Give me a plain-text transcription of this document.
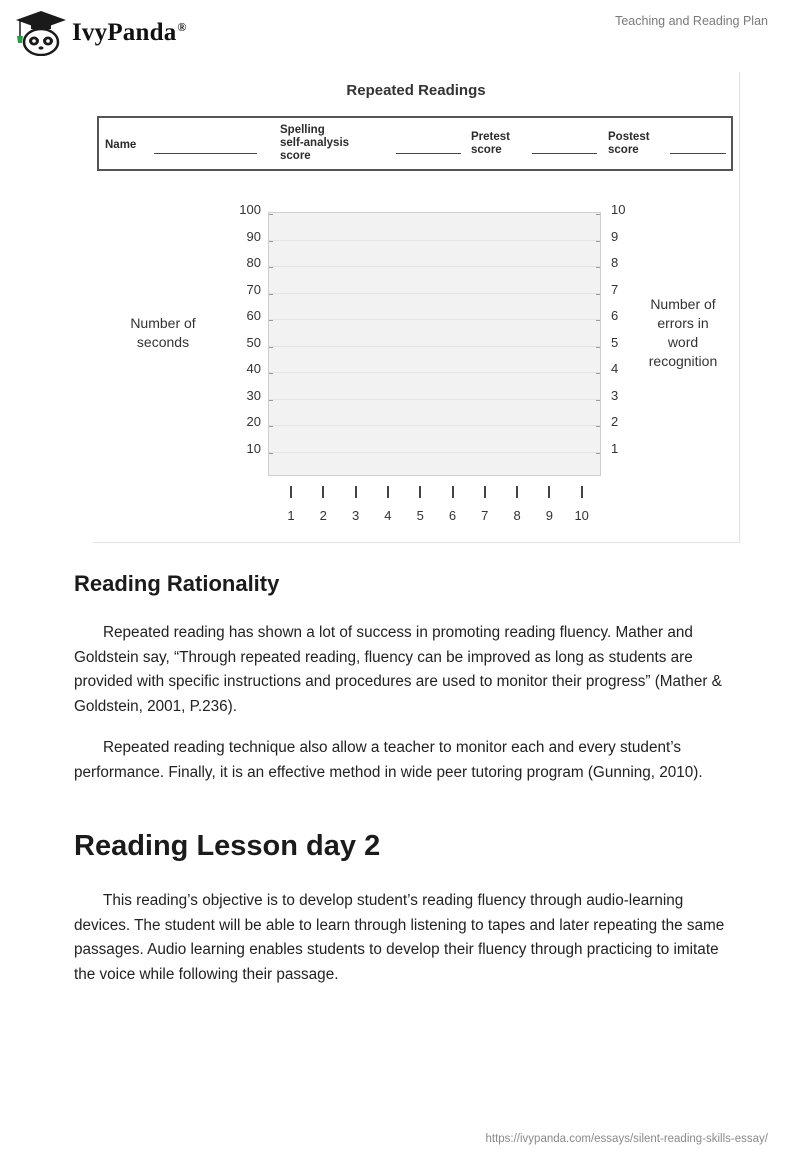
IvyPanda®	Teaching and Reading Plan
Repeated Readings
Name
Spelling
self-analysis
score
Pretest
score
Postest
score
Number of
seconds
Number of
errors in
word
recognition
100
90
80
70
60
50
40
30
20
10
10
9
8
7
6
5
4
3
2
1
1	2	3	4	5	6	7	8	9	10
Reading Rationality

Repeated reading has shown a lot of success in promoting reading fluency. Mather and Goldstein say, “Through repeated reading, fluency can be improved as long as students are provided with specific instructions and procedures are used to monitor their progress” (Mather & Goldstein, 2001, P.236).

Repeated reading technique also allow a teacher to monitor each and every student’s performance. Finally, it is an effective method in wide peer tutoring program (Gunning, 2010).

Reading Lesson day 2

This reading’s objective is to develop student’s reading fluency through audio-learning devices. The student will be able to learn through listening to tapes and later repeating the same passages. Audio learning enables students to develop their fluency through practicing to imitate the voice while following their passage.

https://ivypanda.com/essays/silent-reading-skills-essay/
